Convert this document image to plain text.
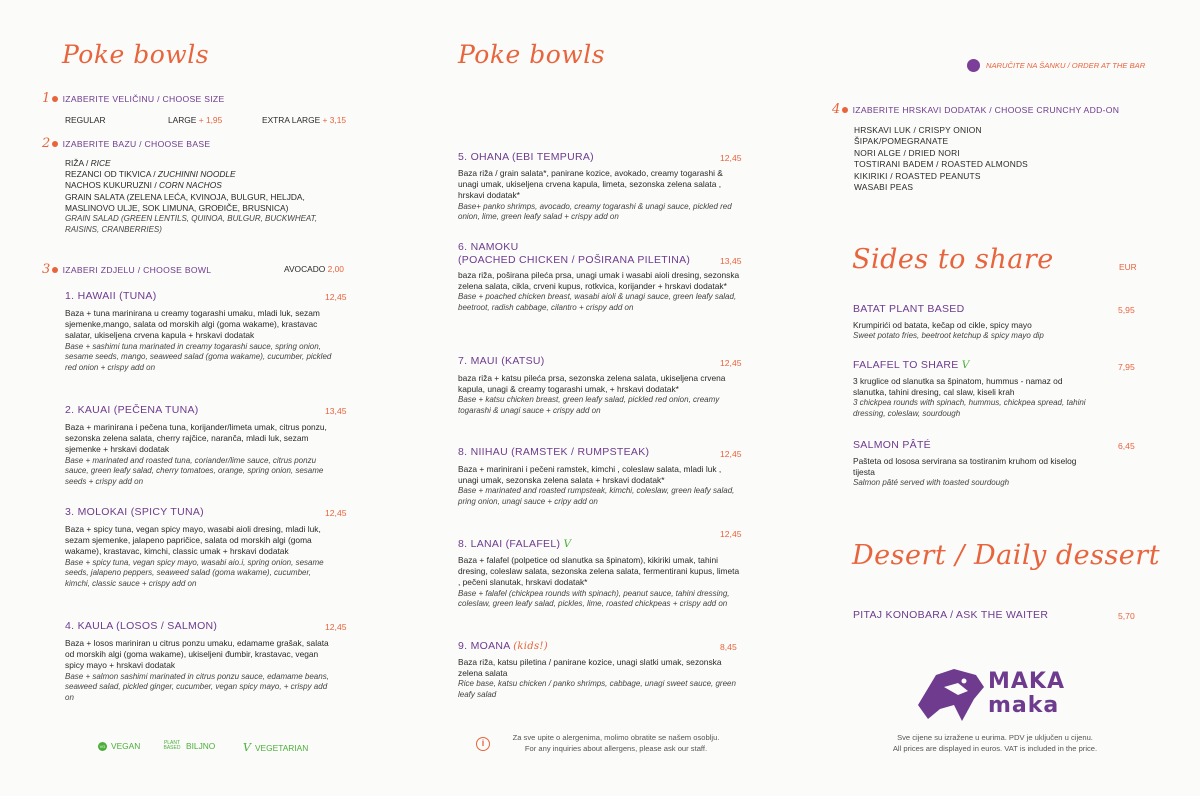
Poke bowls
1 IZABERITE VELIČINU / CHOOSE SIZE
REGULAR	LARGE + 1,95	EXTRA LARGE + 3,15
2 IZABERITE BAZU / CHOOSE BASE
RIŽA / RICE
REZANCI OD TIKVICA / ZUCHINNI NOODLE
NACHOS KUKURUZNI / CORN NACHOS
GRAIN SALATA (ZELENA LEĆA, KVINOJA, BULGUR, HELJDA, MASLINOVO ULJE, SOK LIMUNA, GROĐIČE, BRUSNICA)
GRAIN SALAD (GREEN LENTILS, QUINOA, BULGUR, BUCKWHEAT, RAISINS, CRANBERRIES)
3 IZABERI ZDJELU / CHOOSE BOWL	AVOCADO 2,00
1. HAWAII (TUNA)	12,45
Baza + tuna marinirana u creamy togarashi umaku, mladi luk, sezam sjemenke,mango, salata od morskih algi (goma wakame), krastavac salatar, ukiseljena crvena kapula + hrskavi dodatak
Base + sashimi tuna marinated in creamy togarashi sauce, spring onion, sesame seeds, mango, seaweed salad (goma wakame), cucumber, pickled red onion + crispy add on
2. KAUAI (PEČENA TUNA)	13,45
Baza + marinirana i pečena tuna, korijander/limeta umak, citrus ponzu, sezonska zelena salata, cherry rajčice, naranča, mladi luk, sezam sjemenke + hrskavi dodatak
Base + marinated and roasted tuna, coriander/lime sauce, citrus ponzu sauce, green leafy salad, cherry tomatoes, orange, spring onion, sesame seeds + crispy add on
3. MOLOKAI (SPICY TUNA)	12,45
Baza + spicy tuna, vegan spicy mayo, wasabi aioli dresing, mladi luk, sezam sjemenke, jalapeno papričice, salata od morskih algi (goma wakame), krastavac, kimchi, classic umak + hrskavi dodatak
Base + spicy tuna, vegan spicy mayo, wasabi aio.i, spring onion, sesame seeds, jalapeno peppers, seaweed salad (goma wakame), cucumber, kimchi, classic sauce + crispy add on
4. KAULA (LOSOS / SALMON)	12,45
Baza + losos mariniran u citrus ponzu umaku, edamame grašak, salata od morskih algi (goma wakame), ukiseljeni đumbir, krastavac, vegan spicy mayo + hrskavi dodatak
Base + salmon sashimi marinated in citrus ponzu sauce, edamame beans, seaweed salad, pickled ginger, cucumber, vegan spicy mayo, + crispy add on
VG VEGAN	PLANT BASED BILJNO	V VEGETARIAN
Poke bowls
5. OHANA (EBI TEMPURA)	12,45
Baza riža / grain salata*, panirane kozice, avokado, creamy togarashi & unagi umak, ukiseljena crvena kapula, limeta, sezonska zelena salata , hrskavi dodatak*
Base+ panko shrimps, avocado, creamy togarashi & unagi sauce, pickled red onion, lime, green leafy salad + crispy add on
6. NAMOKU
(POACHED CHICKEN / POŠIRANA PILETINA)	13,45
baza riža, poširana pileća prsa, unagi umak i wasabi aioli dresing, sezonska zelena salata, cikla, crveni kupus, rotkvica, korijander + hrskavi dodatak*
Base + poached chicken breast, wasabi aioli & unagi sauce, green leafy salad, beetroot, radish cabbage, cilantro + crispy add on
7. MAUI (KATSU)	12,45
baza riža + katsu pileća prsa, sezonska zelena salata, ukiseljena crvena kapula, unagi & creamy togarashi umak, + hrskavi dodatak*
Base + katsu chicken breast, green leafy salad, pickled red onion, creamy togarashi & unagi sauce + crispy add on
8. NIIHAU (RAMSTEK / RUMPSTEAK)	12,45
Baza + marinirani i pečeni ramstek, kimchi , coleslaw salata, mladi luk , unagi umak, sezonska zelena salata + hrskavi dodatak*
Base + marinated and roasted rumpsteak, kimchi, coleslaw, green leafy salad, pring onion, unagi sauce + cripy add on
12,45
8. LANAI (FALAFEL) V
Baza + falafel (polpetice od slanutka sa špinatom), kikiriki umak, tahini dresing, coleslaw salata, sezonska zelena salata, fermentirani kupus, limeta , pečeni slanutak, hrskavi dodatak*
Base + falafel (chickpea rounds with spinach), peanut sauce, tahini dressing, coleslaw, green leafy salad, pickles, lime, roasted chickpeas + crispy add on
8,45
9. MOANA (kids!)
Baza riža, katsu piletina / panirane kozice, unagi slatki umak, sezonska zelena salata
Rice base, katsu chicken / panko shrimps, cabbage, unagi sweet sauce, green leafy salad
i
Za sve upite o alergenima, molimo obratite se našem osoblju.
For any inquiries about allergens, please ask our staff.
NARUČITE NA ŠANKU / ORDER AT THE BAR
4 IZABERITE HRSKAVI DODATAK / CHOOSE CRUNCHY ADD-ON
HRSKAVI LUK / CRISPY ONION
ŠIPAK/POMEGRANATE
NORI ALGE / DRIED NORI
TOSTIRANI BADEM / ROASTED ALMONDS
KIKIRIKI / ROASTED PEANUTS
WASABI PEAS
Sides to share	EUR
BATAT PLANT BASED	5,95
Krumpirići od batata, kečap od cikle, spicy mayo
Sweet potato fries, beetroot ketchup & spicy mayo dip
FALAFEL TO SHARE V	7,95
3 kruglice od slanutka sa špinatom, hummus - namaz od slanutka, tahini dresing, cal slaw, kiseli krah
3 chickpea rounds with spinach, hummus, chickpea spread, tahini dressing, coleslaw, sourdough
SALMON PÂTÉ	6,45
Pašteta od lososa servirana sa tostiranim kruhom od kiselog tijesta
Salmon pâté served with toasted sourdough
Desert / Daily dessert
PITAJ KONOBARA / ASK THE WAITER	5,70
MAKA
maka
Sve cijene su izražene u eurima. PDV je uključen u cijenu.
All prices are displayed in euros. VAT is included in the price.
